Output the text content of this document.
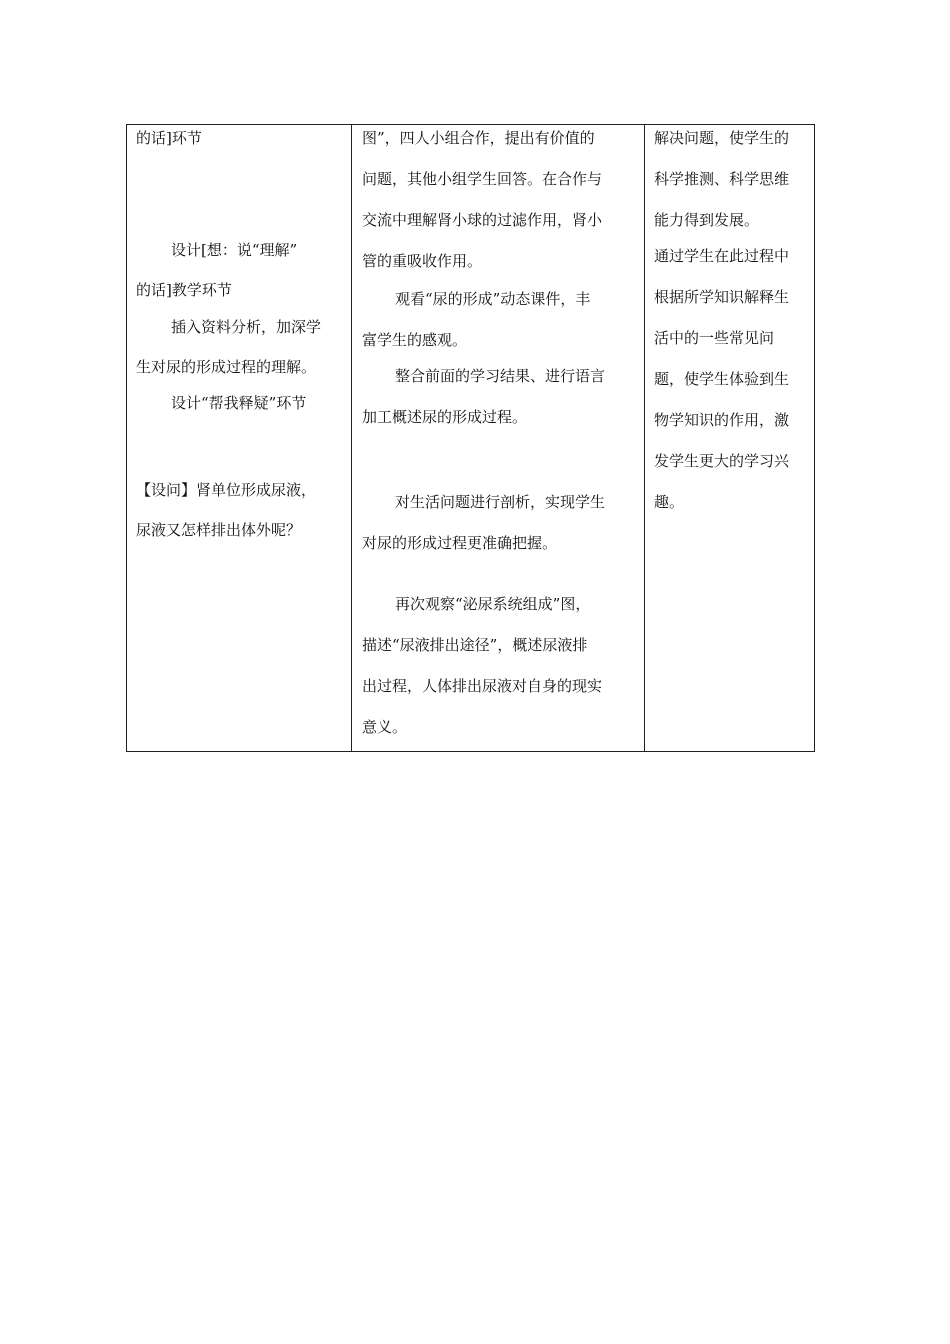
的话]环节
设计[想：说“理解”
的话]教学环节
插入资料分析，加深学
生对尿的形成过程的理解。
设计“帮我释疑”环节
【设问】肾单位形成尿液，
尿液又怎样排出体外呢？
图”，四人小组合作，提出有价值的
问题，其他小组学生回答。在合作与
交流中理解肾小球的过滤作用，肾小
管的重吸收作用。
观看“尿的形成”动态课件，丰
富学生的感观。
整合前面的学习结果、进行语言
加工概述尿的形成过程。
对生活问题进行剖析，实现学生
对尿的形成过程更准确把握。
再次观察“泌尿系统组成”图，
描述“尿液排出途径”，概述尿液排
出过程，人体排出尿液对自身的现实
意义。
解决问题，使学生的
科学推测、科学思维
能力得到发展。
通过学生在此过程中
根据所学知识解释生
活中的一些常见问
题，使学生体验到生
物学知识的作用，激
发学生更大的学习兴
趣。
